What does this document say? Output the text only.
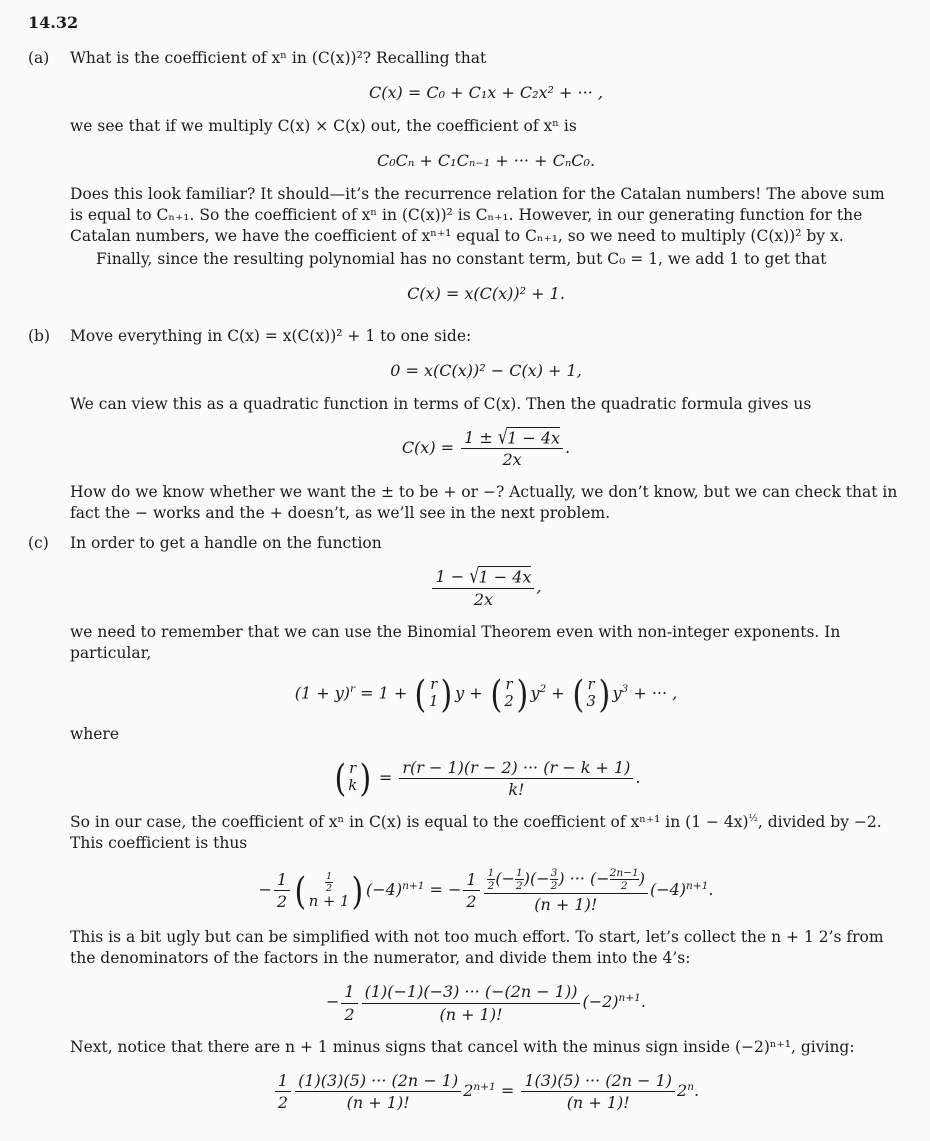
14.32
(a)	What is the coefficient of xⁿ in (C(x))²? Recalling that

C(x) = C₀ + C₁x + C₂x² + ··· ,

we see that if we multiply C(x) × C(x) out, the coefficient of xⁿ is

C₀Cₙ + C₁Cₙ₋₁ + ··· + CₙC₀.

Does this look familiar? It should—it’s the recurrence relation for the Catalan numbers! The above sum is equal to Cₙ₊₁. So the coefficient of xⁿ in (C(x))² is Cₙ₊₁. However, in our generating function for the Catalan numbers, we have the coefficient of xⁿ⁺¹ equal to Cₙ₊₁, so we need to multiply (C(x))² by x.

Finally, since the resulting polynomial has no constant term, but C₀ = 1, we add 1 to get that

C(x) = x(C(x))² + 1.
(b)	Move everything in C(x) = x(C(x))² + 1 to one side:

0 = x(C(x))² − C(x) + 1,

We can view this as a quadratic function in terms of C(x). Then the quadratic formula gives us

$C(x) = \frac{1 \pm √1 - 4x}{2x}$ .

How do we know whether we want the ± to be + or −? Actually, we don’t know, but we can check that in fact the − works and the + doesn’t, as we’ll see in the next problem.

(c)	In order to get a handle on the function

$\frac{1 - √1 - 4x}{2x}$ ,

we need to remember that we can use the Binomial Theorem even with non-integer exponents. In particular,

$(1 + y)^r = 1$ + ( r
1 ) y + ( r
2 ) $y^2$ + ( r
3 ) $y^3$ + ··· ,

where

( r
k ) = $\frac{r(r - 1)(r - 2) \cdot\cdot\cdot (r - k + 1)}{k!}$ .

So in our case, the coefficient of xⁿ in C(x) is equal to the coefficient of xⁿ⁺¹ in $(1 - 4x)^{\frac{1}{2}}$, divided by −2. This coefficient is thus

− $\frac{1}{2}$ ( 1
2
n + 1 ) $(-4)^{n+1}$ = − $\frac{1}{2} \frac{\frac{1}{2} (- \frac{1}{2} )(- \frac{3}{2} ) \cdot\cdot\cdot (- \frac{2n-1}{2} )}{(n + 1)!} (-4)^{n+1}$.

This is a bit ugly but can be simplified with not too much effort. To start, let’s collect the n + 1 2’s from the denominators of the factors in the numerator, and divide them into the 4’s:

− $\frac{1}{2} \frac{(1)(-1)(-3) \cdot\cdot\cdot (-(2n - 1))}{(n + 1)!} (-2)^{n+1}$.

Next, notice that there are n + 1 minus signs that cancel with the minus sign inside (−2)ⁿ⁺¹, giving:

$\frac{1}{2} \frac{(1)(3)(5) \cdot\cdot\cdot (2n - 1)}{(n + 1)!} 2^{n+1} = \frac{1(3)(5) \cdot\cdot\cdot (2n - 1)}{(n + 1)!} 2^n$.
